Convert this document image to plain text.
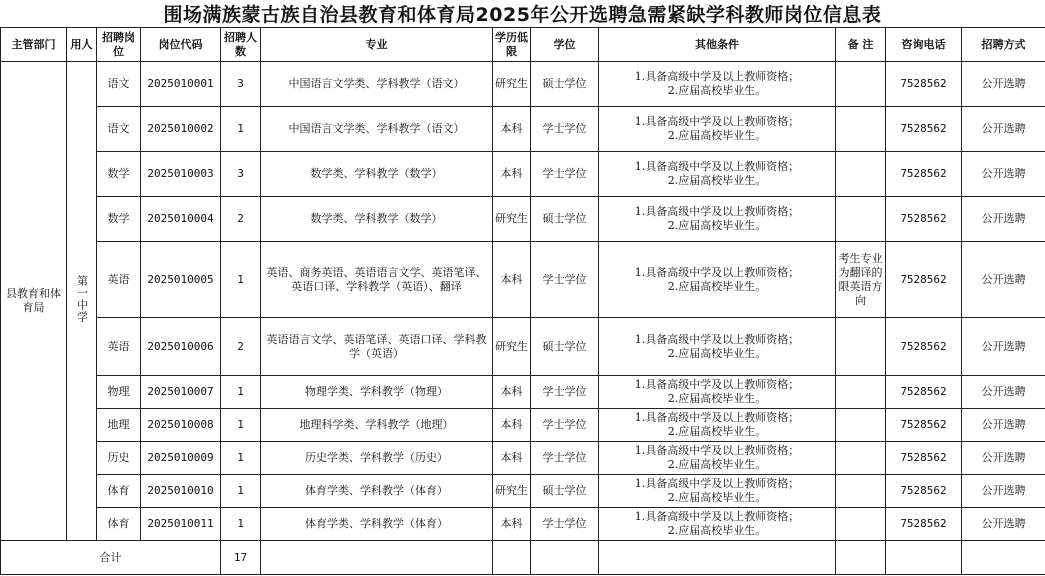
围场满族蒙古族自治县教育和体育局2025年公开选聘急需紧缺学科教师岗位信息表
主管部门	用人	招聘岗位	岗位代码	招聘人数	专业	学历低限	学位	其他条件	备 注	咨询电话	招聘方式
县教育和体育局	第一中学	语文	2025010001	3	中国语言文学类、学科教学（语文）	研究生	硕士学位	1.具备高级中学及以上教师资格；
2.应届高校毕业生。		7528562	公开选聘
		语文	2025010002	1	中国语言文学类、学科教学（语文）	本科	学士学位	1.具备高级中学及以上教师资格；
2.应届高校毕业生。		7528562	公开选聘
		数学	2025010003	3	数学类、学科教学（数学）	本科	学士学位	1.具备高级中学及以上教师资格；
2.应届高校毕业生。		7528562	公开选聘
		数学	2025010004	2	数学类、学科教学（数学）	研究生	硕士学位	1.具备高级中学及以上教师资格；
2.应届高校毕业生。		7528562	公开选聘
		英语	2025010005	1	英语、商务英语、英语语言文学、英语笔译、英语口译、学科教学（英语）、翻译	本科	学士学位	1.具备高级中学及以上教师资格；
2.应届高校毕业生。	考生专业为翻译的限英语方向	7528562	公开选聘
		英语	2025010006	2	英语语言文学、英语笔译、英语口译、学科教学（英语）	研究生	硕士学位	1.具备高级中学及以上教师资格；
2.应届高校毕业生。		7528562	公开选聘
		物理	2025010007	1	物理学类、学科教学（物理）	本科	学士学位	1.具备高级中学及以上教师资格；
2.应届高校毕业生。		7528562	公开选聘
		地理	2025010008	1	地理科学类、学科教学（地理）	本科	学士学位	1.具备高级中学及以上教师资格；
2.应届高校毕业生。		7528562	公开选聘
		历史	2025010009	1	历史学类、学科教学（历史）	本科	学士学位	1.具备高级中学及以上教师资格；
2.应届高校毕业生。		7528562	公开选聘
		体育	2025010010	1	体育学类、学科教学（体育）	研究生	硕士学位	1.具备高级中学及以上教师资格；
2.应届高校毕业生。		7528562	公开选聘
		体育	2025010011	1	体育学类、学科教学（体育）	本科	学士学位	1.具备高级中学及以上教师资格；
2.应届高校毕业生。		7528562	公开选聘
合计				17							
